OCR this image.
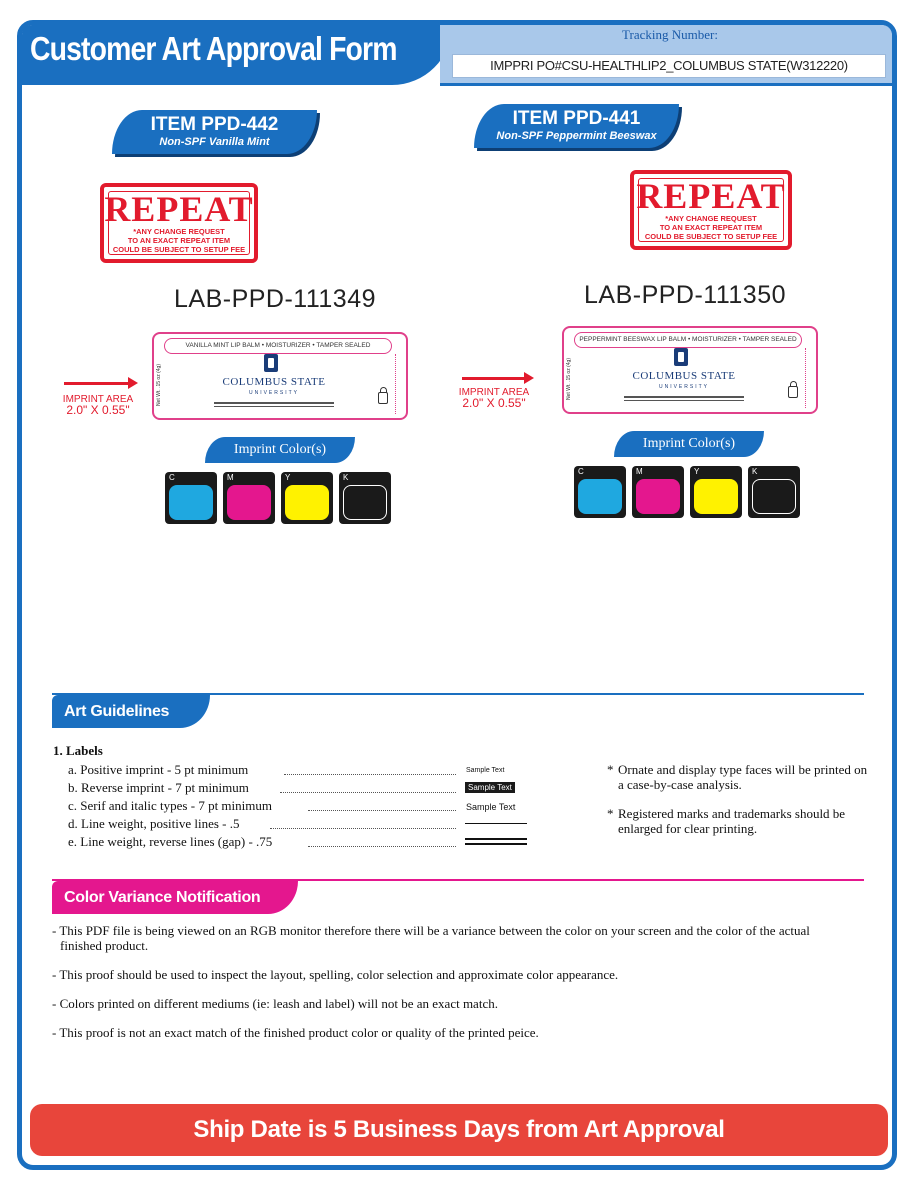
Customer Art Approval Form	Tracking Number:
IMPPRI PO#CSU-HEALTHLIP2_COLUMBUS STATE(W312220)
ITEM PPD-442
Non-SPF Vanilla Mint
REPEAT
*ANY CHANGE REQUEST
TO AN EXACT REPEAT ITEM
COULD BE SUBJECT TO SETUP FEE
LAB-PPD-111349
VANILLA MINT LIP BALM • MOISTURIZER • TAMPER SEALED
Net Wt. .15 oz (4g)	COLUMBUS STATE
UNIVERSITY
IMPRINT AREA
2.0" X 0.55"
Imprint Color(s)
C	M	Y	K
ITEM PPD-441
Non-SPF Peppermint Beeswax
REPEAT
*ANY CHANGE REQUEST
TO AN EXACT REPEAT ITEM
COULD BE SUBJECT TO SETUP FEE
LAB-PPD-111350
PEPPERMINT BEESWAX LIP BALM • MOISTURIZER • TAMPER SEALED
Net Wt. .15 oz (4g)	COLUMBUS STATE
UNIVERSITY
IMPRINT AREA
2.0" X 0.55"
Imprint Color(s)
C	M	Y	K
Art Guidelines
1. Labels
a. Positive imprint - 5 pt minimum	Sample Text
b. Reverse imprint - 7 pt minimum	Sample Text
c. Serif and italic types - 7 pt minimum	Sample Text
d. Line weight, positive lines - .5
e. Line weight, reverse lines (gap) - .75
* Ornate and display type faces will be printed on a case-by-case analysis.
* Registered marks and trademarks should be enlarged for clear printing.
Color Variance Notification
- This PDF file is being viewed on an RGB monitor therefore there will be a variance between the color on your screen and the color of the actual finished product.
- This proof should be used to inspect the layout, spelling, color selection and approximate color appearance.
- Colors printed on different mediums (ie: leash and label) will not be an exact match.
- This proof is not an exact match of the finished product color or quality of the printed peice.
Ship Date is 5 Business Days from Art Approval
